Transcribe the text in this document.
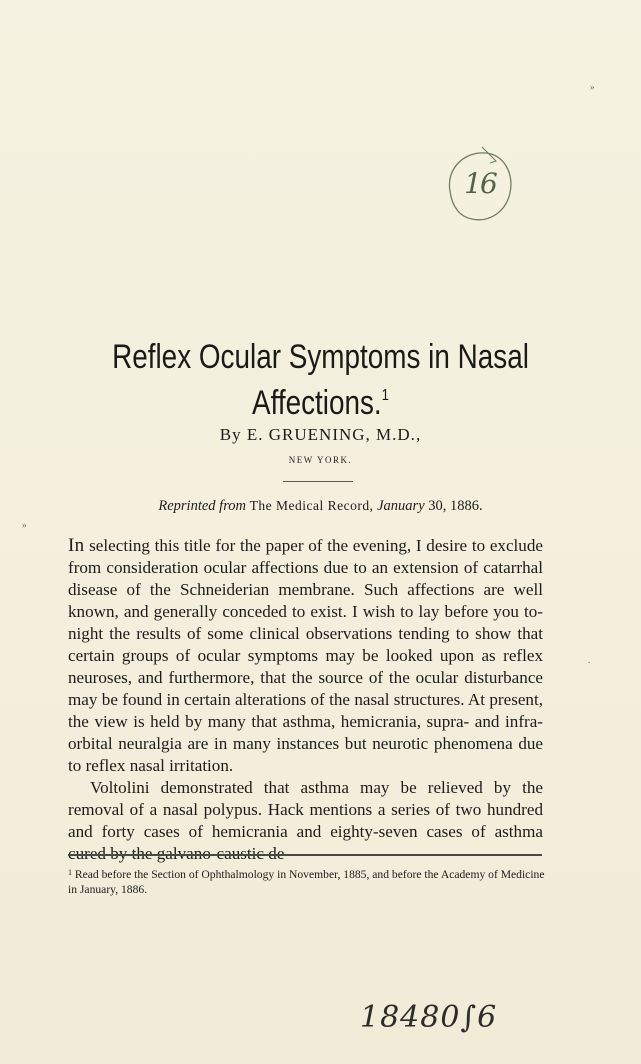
»
»
.
16
Reflex Ocular Symptoms in Nasal
Affections.$^1$
By E. GRUENING, M.D.,
NEW YORK.
Reprinted from The Medical Record, January 30, 1886.

In selecting this title for the paper of the evening, I desire to exclude from consideration ocular affections due to an extension of catarrhal disease of the Schneiderian membrane. Such affections are well known, and generally conceded to exist. I wish to lay before you to-night the results of some clinical observations tending to show that certain groups of ocular symptoms may be looked upon as reflex neuroses, and furthermore, that the source of the ocular disturbance may be found in certain alterations of the nasal structures. At present, the view is held by many that asthma, hemicrania, supra- and infra-orbital neuralgia are in many instances but neurotic phenomena due to reflex nasal irritation.

Voltolini demonstrated that asthma may be relieved by the removal of a nasal polypus. Hack mentions a series of two hundred and forty cases of hemicrania and eighty-seven cases of asthma

$^1$ Read before the Section of Ophthalmology in November, 1885, and before the Academy of Medicine in January, 1886.
18480∫6
